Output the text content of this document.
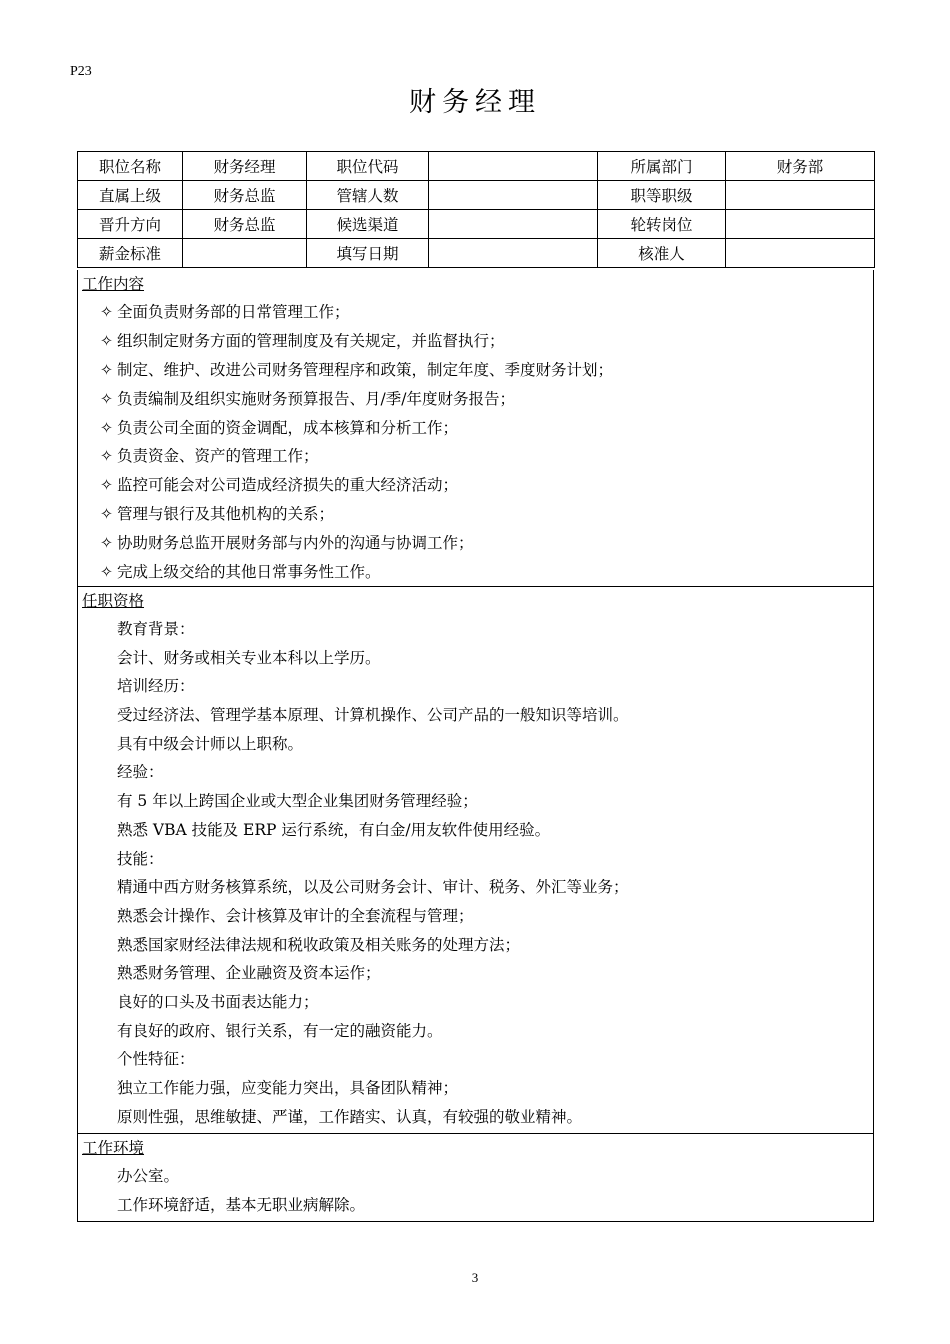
P23
财务经理
职位名称	财务经理	职位代码		所属部门	财务部
直属上级	财务总监	管辖人数		职等职级	
晋升方向	财务总监	候选渠道		轮转岗位	
薪金标准		填写日期		核准人	
工作内容
✧ 全面负责财务部的日常管理工作；
✧ 组织制定财务方面的管理制度及有关规定，并监督执行；
✧ 制定、维护、改进公司财务管理程序和政策，制定年度、季度财务计划；
✧ 负责编制及组织实施财务预算报告、月/季/年度财务报告；
✧ 负责公司全面的资金调配，成本核算和分析工作；
✧ 负责资金、资产的管理工作；
✧ 监控可能会对公司造成经济损失的重大经济活动；
✧ 管理与银行及其他机构的关系；
✧ 协助财务总监开展财务部与内外的沟通与协调工作；
✧ 完成上级交给的其他日常事务性工作。
任职资格
教育背景：
会计、财务或相关专业本科以上学历。
培训经历：
受过经济法、管理学基本原理、计算机操作、公司产品的一般知识等培训。
具有中级会计师以上职称。
经验：
有 5 年以上跨国企业或大型企业集团财务管理经验；
熟悉 VBA 技能及 ERP 运行系统，有白金/用友软件使用经验。
技能：
精通中西方财务核算系统，以及公司财务会计、审计、税务、外汇等业务；
熟悉会计操作、会计核算及审计的全套流程与管理；
熟悉国家财经法律法规和税收政策及相关账务的处理方法；
熟悉财务管理、企业融资及资本运作；
良好的口头及书面表达能力；
有良好的政府、银行关系，有一定的融资能力。
个性特征：
独立工作能力强，应变能力突出，具备团队精神；
原则性强，思维敏捷、严谨，工作踏实、认真，有较强的敬业精神。
工作环境
办公室。
工作环境舒适，基本无职业病解除。
3
